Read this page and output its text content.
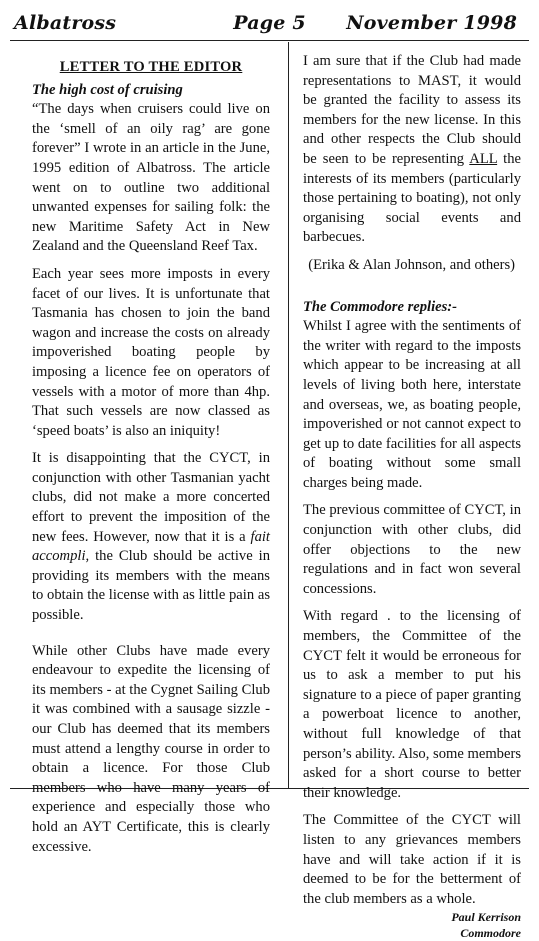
Albatross	Page 5	November 1998
LETTER TO THE EDITOR
The high cost of cruising

“The days when cruisers could live on the ‘smell of an oily rag’ are gone forever” I wrote in an article in the June, 1995 edition of Albatross. The article went on to outline two additional unwanted expenses for sailing folk: the new Maritime Safety Act in New Zealand and the Queensland Reef Tax.

Each year sees more imposts in every facet of our lives. It is unfortunate that Tasmania has chosen to join the band wagon and increase the costs on already impoverished boating people by imposing a licence fee on operators of vessels with a motor of more than 4hp. That such vessels are now classed as ‘speed boats’ is also an iniquity!

It is disappointing that the CYCT, in conjunction with other Tasmanian yacht clubs, did not make a more concerted effort to prevent the imposition of the new fees. However, now that it is a fait accompli, the Club should be active in providing its members with the means to obtain the license with as little pain as possible.

While other Clubs have made every endeavour to expedite the licensing of its members - at the Cygnet Sailing Club it was combined with a sausage sizzle - our Club has deemed that its members must attend a lengthy course in order to obtain a licence. For those Club members who have many years of experience and especially those who hold an AYT Certificate, this is clearly excessive.

I am sure that if the Club had made representations to MAST, it would be granted the facility to assess its members for the new license. In this and other respects the Club should be seen to be representing ALL the interests of its members (particularly those pertaining to boating), not only organising social events and barbecues.

(Erika & Alan Johnson, and others)
The Commodore replies:-

Whilst I agree with the sentiments of the writer with regard to the imposts which appear to be increasing at all levels of living both here, interstate and overseas, we, as boating people, impoverished or not cannot expect to get up to date facilities for all aspects of boating without some small charges being made.

The previous committee of CYCT, in conjunction with other clubs, did offer objections to the new regulations and in fact won several concessions.

With regard . to the licensing of members, the Committee of the CYCT felt it would be erroneous for us to ask a member to put his signature to a piece of paper granting a powerboat licence to another, without full knowledge of that person’s ability. Also, some members asked for a short course to better their knowledge.

The Committee of the CYCT will listen to any grievances members have and will take action if it is deemed to be for the betterment of the club members as a whole.

Paul Kerrison
Commodore
